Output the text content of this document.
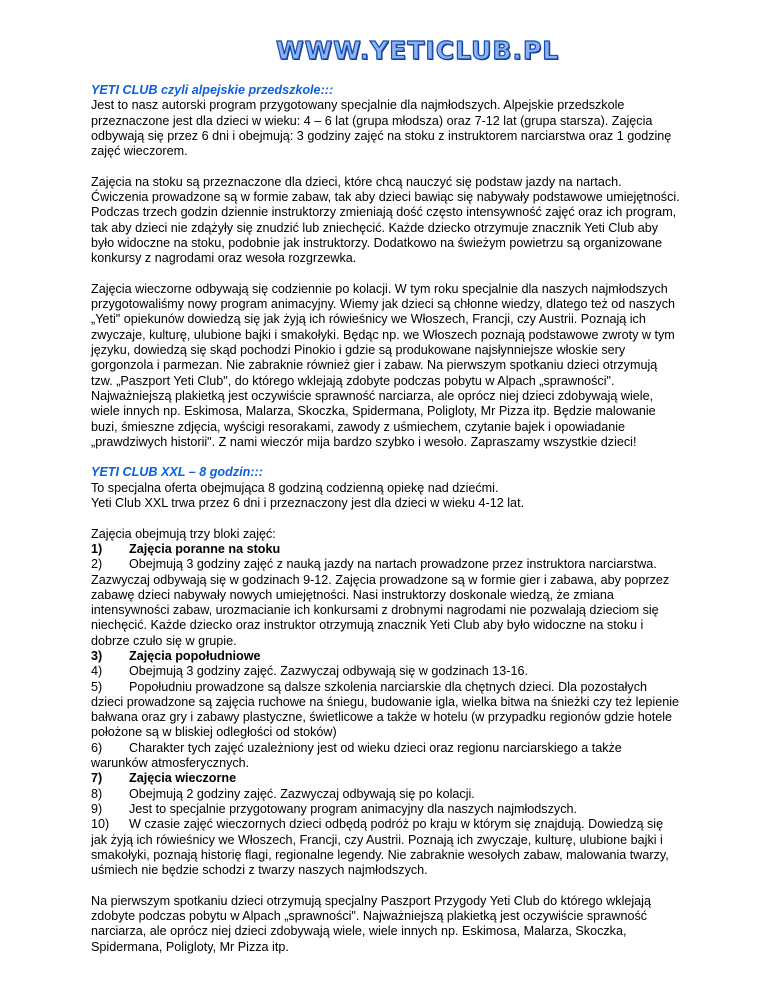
WWW.YETICLUB.PL

YETI CLUB czyli alpejskie przedszkole:::

Jest to nasz autorski program przygotowany specjalnie dla najmłodszych. Alpejskie przedszkole przeznaczone jest dla dzieci w wieku: 4 – 6 lat (grupa młodsza) oraz 7-12 lat (grupa starsza). Zajęcia odbywają się przez 6 dni i obejmują: 3 godziny zajęć na stoku z instruktorem narciarstwa oraz 1 godzinę zajęć wieczorem.

Zajęcia na stoku są przeznaczone dla dzieci, które chcą nauczyć się podstaw jazdy na nartach. Ćwiczenia prowadzone są w formie zabaw, tak aby dzieci bawiąc się nabywały podstawowe umiejętności. Podczas trzech godzin dziennie instruktorzy zmieniają dość często intensywność zajęć oraz ich program, tak aby dzieci nie zdążyły się znudzić lub zniechęcić. Każde dziecko otrzymuje znacznik Yeti Club aby było widoczne na stoku, podobnie jak instruktorzy. Dodatkowo na świeżym powietrzu są organizowane konkursy z nagrodami oraz wesoła rozgrzewka.

Zajęcia wieczorne odbywają się codziennie po kolacji. W tym roku specjalnie dla naszych najmłodszych przygotowaliśmy nowy program animacyjny. Wiemy jak dzieci są chłonne wiedzy, dlatego też od naszych „Yeti" opiekunów dowiedzą się jak żyją ich rówieśnicy we Włoszech, Francji, czy Austrii. Poznają ich zwyczaje, kulturę, ulubione bajki i smakołyki. Będąc np. we Włoszech poznają podstawowe zwroty w tym języku, dowiedzą się skąd pochodzi Pinokio i gdzie są produkowane najsłynniejsze włoskie sery gorgonzola i parmezan. Nie zabraknie również gier i zabaw. Na pierwszym spotkaniu dzieci otrzymują tzw. „Paszport Yeti Club", do którego wklejają zdobyte podczas pobytu w Alpach „sprawności". Najważniejszą plakietką jest oczywiście sprawność narciarza, ale oprócz niej dzieci zdobywają wiele, wiele innych np. Eskimosa, Malarza, Skoczka, Spidermana, Poligloty, Mr Pizza itp. Będzie malowanie buzi, śmieszne zdjęcia, wyścigi resorakami, zawody z uśmiechem, czytanie bajek i opowiadanie „prawdziwych historii". Z nami wieczór mija bardzo szybko i wesoło. Zapraszamy wszystkie dzieci!

YETI CLUB XXL – 8 godzin:::

To specjalna oferta obejmująca 8 godziną codzienną opiekę nad dziećmi.

Yeti Club XXL trwa przez 6 dni i przeznaczony jest dla dzieci w wieku 4-12 lat.

Zajęcia obejmują trzy bloki zajęć:
1) Zajęcia poranne na stoku
2) Obejmują 3 godziny zajęć z nauką jazdy na nartach prowadzone przez instruktora narciarstwa. Zazwyczaj odbywają się w godzinach 9-12. Zajęcia prowadzone są w formie gier i zabawa, aby poprzez zabawę dzieci nabywały nowych umiejętności. Nasi instruktorzy doskonale wiedzą, że zmiana intensywności zabaw, urozmacianie ich konkursami z drobnymi nagrodami nie pozwalają dzieciom się niechęcić. Każde dziecko oraz instruktor otrzymują znacznik Yeti Club aby było widoczne na stoku i dobrze czuło się w grupie.
3) Zajęcia popołudniowe
4) Obejmują 3 godziny zajęć. Zazwyczaj odbywają się w godzinach 13-16.
5) Popołudniu prowadzone są dalsze szkolenia narciarskie dla chętnych dzieci. Dla pozostałych dzieci prowadzone są zajęcia ruchowe na śniegu, budowanie igla, wielka bitwa na śnieżki czy też lepienie bałwana oraz gry i zabawy plastyczne, świetlicowe a także w hotelu (w przypadku regionów gdzie hotele położone są w bliskiej odległości od stoków)
6) Charakter tych zajęć uzależniony jest od wieku dzieci oraz regionu narciarskiego a także warunków atmosferycznych.
7) Zajęcia wieczorne
8) Obejmują 2 godziny zajęć. Zazwyczaj odbywają się po kolacji.
9) Jest to specjalnie przygotowany program animacyjny dla naszych najmłodszych.
10) W czasie zajęć wieczornych dzieci odbędą podróż po kraju w którym się znajdują. Dowiedzą się jak żyją ich rówieśnicy we Włoszech, Francji, czy Austrii. Poznają ich zwyczaje, kulturę, ulubione bajki i smakołyki, poznają historię flagi, regionalne legendy. Nie zabraknie wesołych zabaw, malowania twarzy, uśmiech nie będzie schodzi z twarzy naszych najmłodszych.

Na pierwszym spotkaniu dzieci otrzymują specjalny Paszport Przygody Yeti Club do którego wklejają zdobyte podczas pobytu w Alpach „sprawności". Najważniejszą plakietką jest oczywiście sprawność narciarza, ale oprócz niej dzieci zdobywają wiele, wiele innych np. Eskimosa, Malarza, Skoczka, Spidermana, Poligloty, Mr Pizza itp.
